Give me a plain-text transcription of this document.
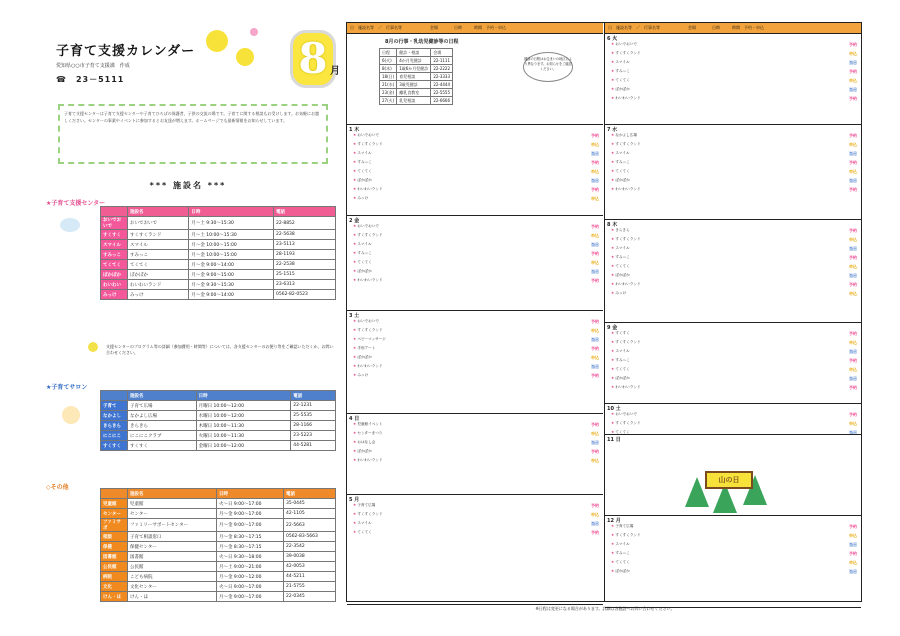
子育て支援カレンダー
愛知県○○市子育て支援課　作成
☎　23－5111	8 月
子育て支援センターは子育て支援センターや子育てひろばの保護者、子供の交流の場です。子育てに関する相談もお受けします。お気軽にお越しください。センターの事業やイベントに参加するとお友達が増えます。ホームページでも最新情報をお知らせしています。
*** 施設名 ***
★子育て支援センター
	施設名	日時	電話
おいでおいで	おいでおいで	月〜土 9:30〜15:30	22-8852
すくすく	すくすくランド	月〜土 10:00〜15:30	22-5638
スマイル	スマイル	月〜金 10:00〜15:00	23-5113
すみっこ	すみっこ	月〜金 10:00〜15:00	28-1193
てくてく	てくてく	月〜金 9:00〜14:00	22-2538
ぽかぽか	ぽかぽか	月〜金 9:00〜15:00	25-1515
わいわい	わいわいランド	月〜金 9:30〜15:30	23-6313
みっけ	みっけ	月〜金 9:00〜14:00	0562-82-0523
支援センターのプログラム等の詳細（参加費用・時間等）については、各支援センターのお便り等をご確認いただくか、お問い合わせください。
★子育てサロン
	施設名	日時	電話
子育て	子育て広場	月曜日 10:00〜12:00	22-1231
なかよし	なかよし広場	水曜日 10:00〜12:00	25-5535
きらきら	きらきら	木曜日 10:00〜11:30	28-1166
にこにこ	にこにこクラブ	火曜日 10:00〜11:30	23-5223
すくすく	すくすく	金曜日 10:00〜12:00	44-5281
◇その他
	施設名	日時	電話
児童館	児童館	火〜日 9:00〜17:00	35-0445
センター	センター	月〜金 9:00〜17:00	42-1105
ファミサポ	ファミリーサポートセンター	月〜金 9:00〜17:00	22-5663
相談	子育て相談窓口	月〜金 8:30〜17:15	0562-83-5663
保健	保健センター	月〜金 8:30〜17:15	22-3542
図書館	図書館	火〜日 9:30〜18:00	39-0038
公民館	公民館	月〜土 9:00〜21:00	42-0053
病院	こども病院	月〜金 9:00〜12:00	44-5211
文化	文化センター	火〜日 9:00〜17:00	21-5755
けん・ほ	けん・ほ	月〜金 9:00〜17:00	22-0345
日　施設名等　／　行事名等　　　　　　　会場　　　　日時　　　時間　予約・申込
8月の行事・乳幼児健診等の日程
日程	健診・相談	会場
6(火)	4か月児健診	22-1111
8(木)	1歳6か月児健診	22-2222
18(日)	育児相談	22-3333
21(水)	3歳児健診	22-4444
23(金)	離乳食教室	22-5555
27(火)	乳児相談	22-6666
健診の日程はお住まいの地区により異なります。お知らせをご確認ください。
1 木
★ おいでおいで	予約
★ すくすくランド	申込
★ スマイル	当日
★ すみっこ	予約
★ てくてく	申込
★ ぽかぽか	当日
★ わいわいランド	予約
★ みっけ	申込
2 金
★ おいでおいで	予約
★ すくすくランド	申込
★ スマイル	当日
★ すみっこ	予約
★ てくてく	申込
★ ぽかぽか	当日
★ わいわいランド	予約
3 土
★ おいでおいで	予約
★ すくすくランド	申込
★ ベビーマッサージ	当日
★ 手形アート	予約
★ ぽかぽか	申込
★ わいわいランド	当日
★ みっけ	予約
4 日
★ 児童館イベント	予約
★ センターまつり	申込
★ おはなし会	当日
★ ぽかぽか	予約
★ わいわいランド	申込
5 月
★ 子育て広場	予約
★ すくすくランド	申込
★ スマイル	当日
★ てくてく	予約
日　施設名等　／　行事名等　　　　　　　会場　　　　日時　　　時間　予約・申込
6 火
★ おいでおいで	予約
★ すくすくランド	申込
★ スマイル	当日
★ すみっこ	予約
★ てくてく	申込
★ ぽかぽか	当日
★ わいわいランド	予約
7 水
★ なかよし広場	予約
★ すくすくランド	申込
★ スマイル	当日
★ すみっこ	予約
★ てくてく	申込
★ ぽかぽか	当日
★ わいわいランド	予約
8 木
★ きらきら	予約
★ すくすくランド	申込
★ スマイル	当日
★ すみっこ	予約
★ てくてく	申込
★ ぽかぽか	当日
★ わいわいランド	予約
★ みっけ	申込
9 金
★ すくすく	予約
★ すくすくランド	申込
★ スマイル	当日
★ すみっこ	予約
★ てくてく	申込
★ ぽかぽか	当日
★ わいわいランド	予約
10 土
★ おいでおいで	予約
★ すくすくランド	申込
★ てくてく	当日
11 日
山の日
12 月
★ 子育て広場	予約
★ すくすくランド	申込
★ スマイル	当日
★ すみっこ	予約
★ てくてく	申込
★ ぽかぽか	当日
※日程は変更になる場合があります。詳細は各施設へお問い合わせください。
